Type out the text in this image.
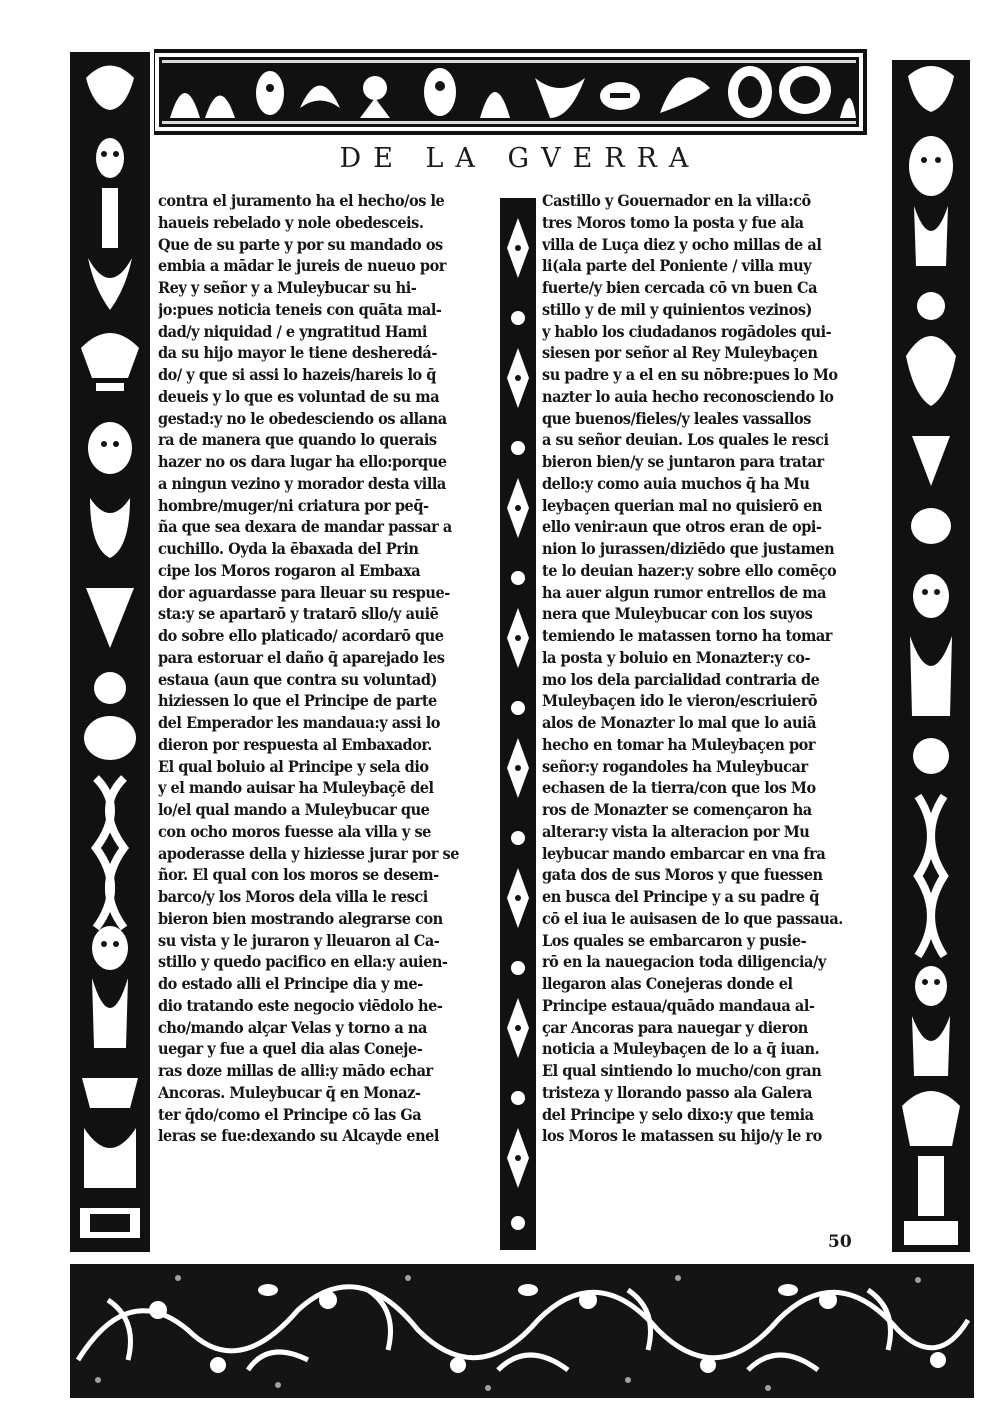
DE LA GVERRA
contra el juramento ha el hecho/os le
haueis rebelado y nole obedesceis.
Que de su parte y por su mandado os
embia a mādar le jureis de nueuo por
Rey y señor y a Muleybucar su hi-
jo:pues noticia teneis con quāta mal-
dad/y niquidad / e yngratitud Hami
da su hijo mayor le tiene desheredá-
do/ y que si assi lo hazeis/hareis lo q̄
deueis y lo que es voluntad de su ma
gestad:y no le obedesciendo os allana
ra de manera que quando lo querais
hazer no os dara lugar ha ello:porque
a ningun vezino y morador desta villa
hombre/muger/ni criatura por peq̄-
ña que sea dexara de mandar passar a
cuchillo. Oyda la ēbaxada del Prin
cipe los Moros rogaron al Embaxa
dor aguardasse para lleuar su respue-
sta:y se apartarō y tratarō sllo/y auiē
do sobre ello platicado/ acordarō que
para estoruar el daño q̄ aparejado les
estaua (aun que contra su voluntad)
hiziessen lo que el Principe de parte
del Emperador les mandaua:y assi lo
dieron por respuesta al Embaxador.
El qual boluio al Principe y sela dio
y el mando auisar ha Muleybaçē del
lo/el qual mando a Muleybucar que
con ocho moros fuesse ala villa y se
apoderasse della y hiziesse jurar por se
ñor. El qual con los moros se desem-
barco/y los Moros dela villa le resci
bieron bien mostrando alegrarse con
su vista y le juraron y lleuaron al Ca-
stillo y quedo pacifico en ella:y auien-
do estado alli el Principe dia y me-
dio tratando este negocio viēdolo he-
cho/mando alçar Velas y torno a na
uegar y fue a quel dia alas Coneje-
ras doze millas de alli:y mādo echar
Ancoras. Muleybucar q̄ en Monaz-
ter q̄do/como el Principe cō las Ga
leras se fue:dexando su Alcayde enel
Castillo y Gouernador en la villa:cō
tres Moros tomo la posta y fue ala
villa de Luça diez y ocho millas de al
li(ala parte del Poniente / villa muy
fuerte/y bien cercada cō vn buen Ca
stillo y de mil y quinientos vezinos)
y hablo los ciudadanos rogādoles qui-
siesen por señor al Rey Muleybaçen
su padre y a el en su nōbre:pues lo Mo
nazter lo auia hecho reconosciendo lo
que buenos/fieles/y leales vassallos
a su señor deuian. Los quales le resci
bieron bien/y se juntaron para tratar
dello:y como auia muchos q̄ ha Mu
leybaçen querian mal no quisierō en
ello venir:aun que otros eran de opi-
nion lo jurassen/diziēdo que justamen
te lo deuian hazer:y sobre ello comēço
ha auer algun rumor entrellos de ma
nera que Muleybucar con los suyos
temiendo le matassen torno ha tomar
la posta y boluio en Monazter:y co-
mo los dela parcialidad contraria de
Muleybaçen ido le vieron/escriuierō
alos de Monazter lo mal que lo auiā
hecho en tomar ha Muleybaçen por
señor:y rogandoles ha Muleybucar
echasen de la tierra/con que los Mo
ros de Monazter se començaron ha
alterar:y vista la alteracion por Mu
leybucar mando embarcar en vna fra
gata dos de sus Moros y que fuessen
en busca del Principe y a su padre q̄
cō el iua le auisasen de lo que passaua.
Los quales se embarcaron y pusie-
rō en la nauegacion toda diligencia/y
llegaron alas Conejeras donde el
Principe estaua/quādo mandaua al-
çar Ancoras para nauegar y dieron
noticia a Muleybaçen de lo a q̄ iuan.
El qual sintiendo lo mucho/con gran
tristeza y llorando passo ala Galera
del Principe y selo dixo:y que temia
los Moros le matassen su hijo/y le ro
50
